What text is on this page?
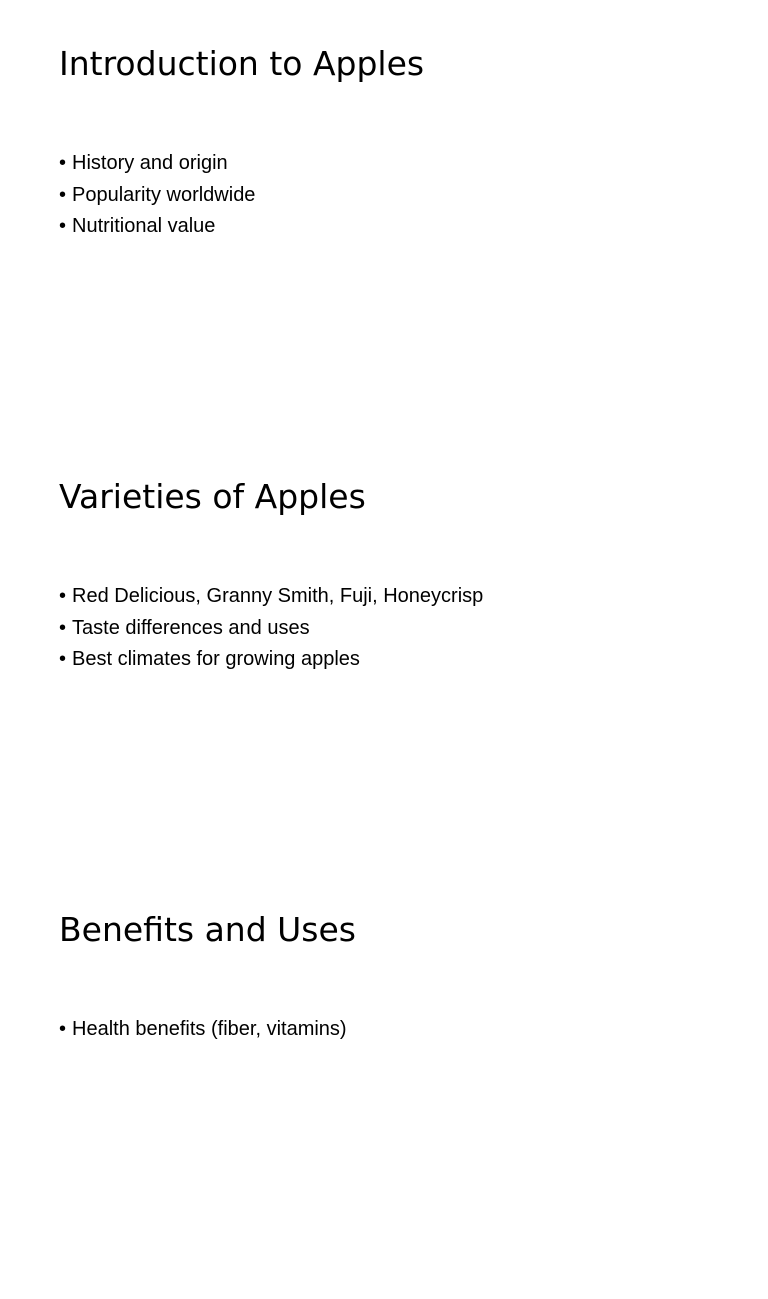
Introduction to Apples
• History and origin
• Popularity worldwide
• Nutritional value
Varieties of Apples
• Red Delicious, Granny Smith, Fuji, Honeycrisp
• Taste differences and uses
• Best climates for growing apples
Benefits and Uses
• Health benefits (fiber, vitamins)
